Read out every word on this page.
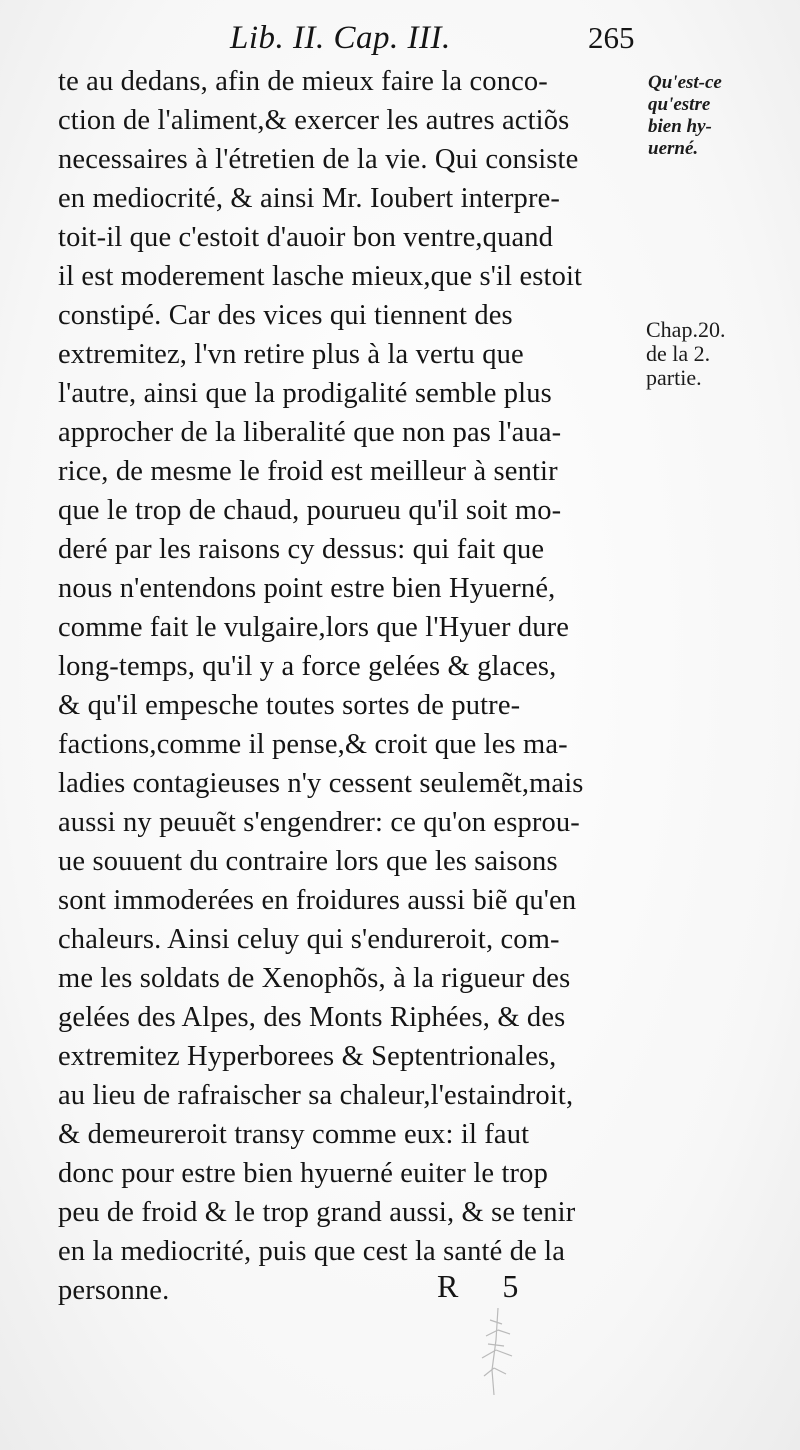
Lib. II. Cap. III.	265
te au dedans, afin de mieux faire la conco-
ction de l'aliment,& exercer les autres actiõs
necessaires à l'étretien de la vie. Qui consiste
en mediocrité, & ainsi Mr. Ioubert interpre-
toit-il que c'estoit d'auoir bon ventre,quand
il est moderement lasche mieux,que s'il estoit
constipé. Car des vices qui tiennent des
extremitez, l'vn retire plus à la vertu que
l'autre, ainsi que la prodigalité semble plus
approcher de la liberalité que non pas l'aua-
rice, de mesme le froid est meilleur à sentir
que le trop de chaud, pourueu qu'il soit mo-
deré par les raisons cy dessus: qui fait que
nous n'entendons point estre bien Hyuerné,
comme fait le vulgaire,lors que l'Hyuer dure
long-temps, qu'il y a force gelées & glaces,
& qu'il empesche toutes sortes de putre-
factions,comme il pense,& croit que les ma-
ladies contagieuses n'y cessent seulemẽt,mais
aussi ny peuuẽt s'engendrer: ce qu'on esprou-
ue souuent du contraire lors que les saisons
sont immoderées en froidures aussi biẽ qu'en
chaleurs. Ainsi celuy qui s'endureroit, com-
me les soldats de Xenophõs, à la rigueur des
gelées des Alpes, des Monts Riphées, & des
extremitez Hyperborees & Septentrionales,
au lieu de rafraischer sa chaleur,l'estaindroit,
& demeureroit transy comme eux: il faut
donc pour estre bien hyuerné euiter le trop
peu de froid & le trop grand aussi, & se tenir
en la mediocrité, puis que cest la santé de la
personne.
Qu'est-ce
qu'estre
bien hy-
uerné.
Chap.20.
de la 2.
partie.
R 5
